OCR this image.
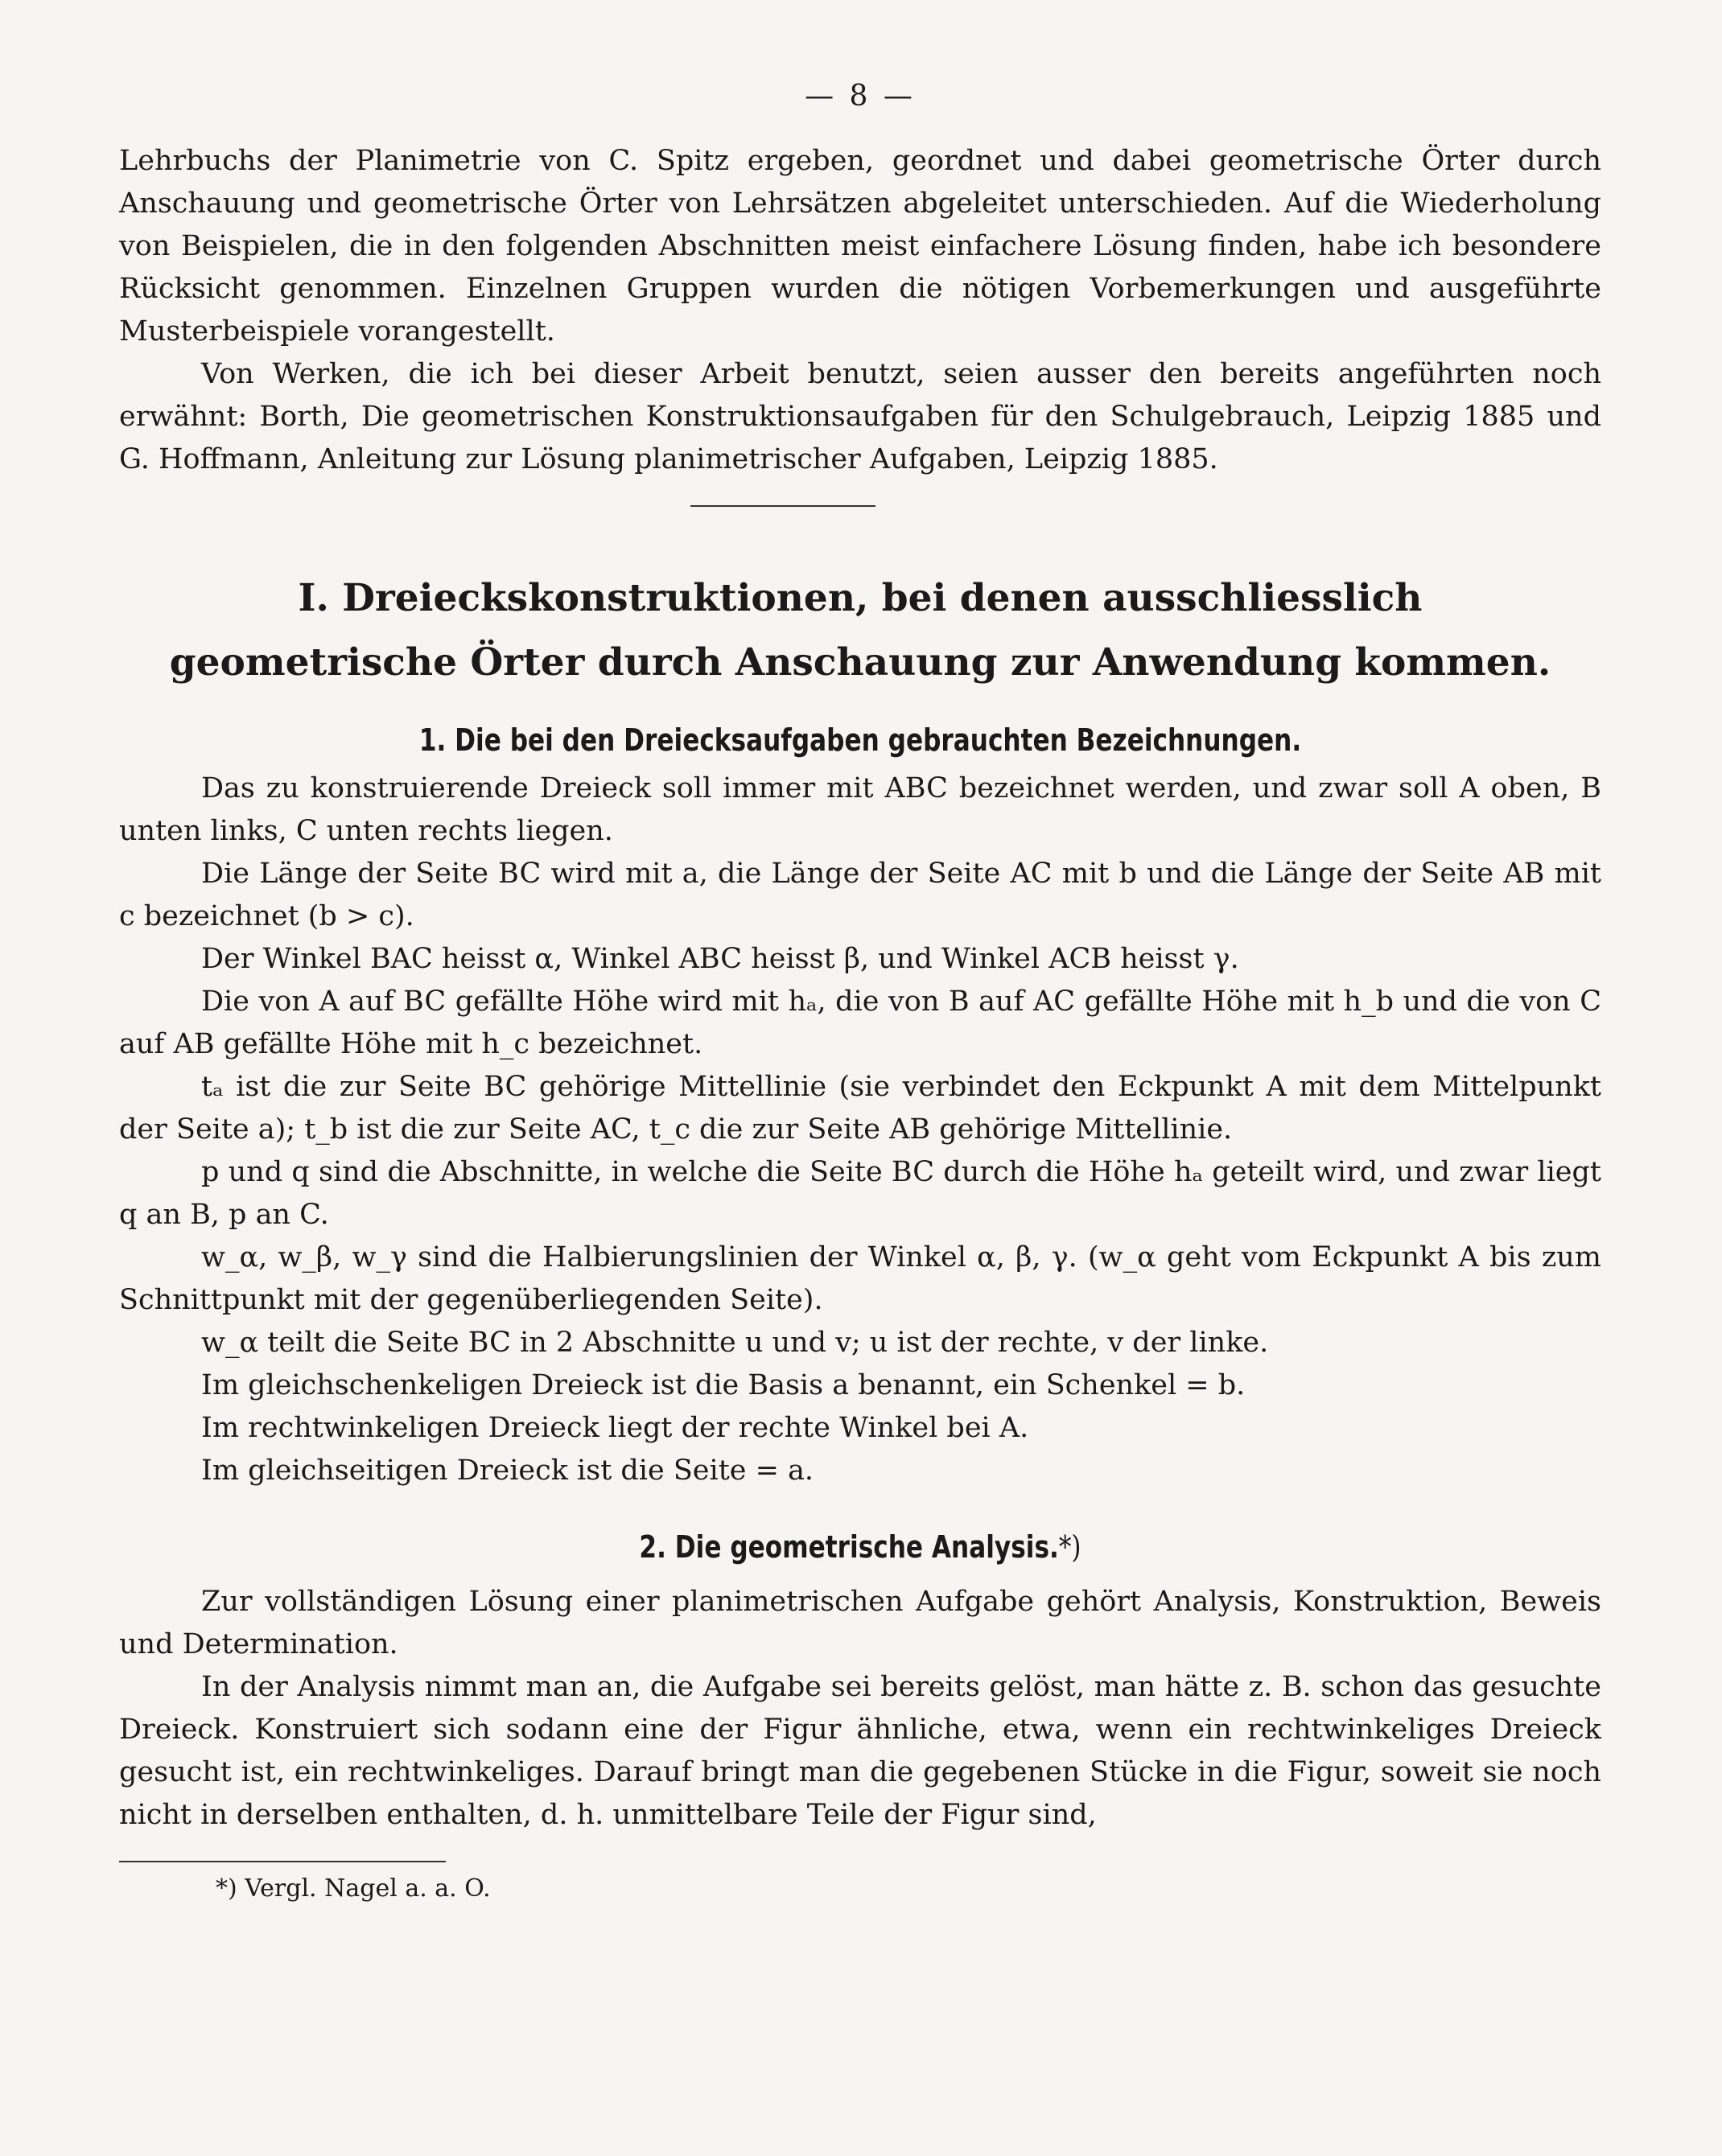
— 8 —

Lehrbuchs der Planimetrie von C. Spitz ergeben, geordnet und dabei geometrische Örter durch Anschauung und geometrische Örter von Lehrsätzen abgeleitet unterschieden. Auf die Wiederholung von Beispielen, die in den folgenden Abschnitten meist einfachere Lösung finden, habe ich besondere Rücksicht genommen. Einzelnen Gruppen wurden die nötigen Vorbemerkungen und ausgeführte Musterbeispiele vorangestellt.

Von Werken, die ich bei dieser Arbeit benutzt, seien ausser den bereits angeführten noch erwähnt: Borth, Die geometrischen Konstruktionsaufgaben für den Schulgebrauch, Leipzig 1885 und G. Hoffmann, Anleitung zur Lösung planimetrischer Aufgaben, Leipzig 1885.

I. Dreieckskonstruktionen, bei denen ausschliesslich
geometrische Örter durch Anschauung zur Anwendung kommen.
1. Die bei den Dreiecksaufgaben gebrauchten Bezeichnungen.

Das zu konstruierende Dreieck soll immer mit ABC bezeichnet werden, und zwar soll A oben, B unten links, C unten rechts liegen.

Die Länge der Seite BC wird mit a, die Länge der Seite AC mit b und die Länge der Seite AB mit c bezeichnet (b > c).

Der Winkel BAC heisst α, Winkel ABC heisst β, und Winkel ACB heisst γ.

Die von A auf BC gefällte Höhe wird mit hₐ, die von B auf AC gefällte Höhe mit h_b und die von C auf AB gefällte Höhe mit h_c bezeichnet.

tₐ ist die zur Seite BC gehörige Mittellinie (sie verbindet den Eckpunkt A mit dem Mittelpunkt der Seite a); t_b ist die zur Seite AC, t_c die zur Seite AB gehörige Mittellinie.

p und q sind die Abschnitte, in welche die Seite BC durch die Höhe hₐ geteilt wird, und zwar liegt q an B, p an C.

w_α, w_β, w_γ sind die Halbierungslinien der Winkel α, β, γ. (w_α geht vom Eckpunkt A bis zum Schnittpunkt mit der gegenüberliegenden Seite).

w_α teilt die Seite BC in 2 Abschnitte u und v; u ist der rechte, v der linke.

Im gleichschenkeligen Dreieck ist die Basis a benannt, ein Schenkel = b.

Im rechtwinkeligen Dreieck liegt der rechte Winkel bei A.

Im gleichseitigen Dreieck ist die Seite = a.

2. Die geometrische Analysis.*)

Zur vollständigen Lösung einer planimetrischen Aufgabe gehört Analysis, Konstruktion, Beweis und Determination.

In der Analysis nimmt man an, die Aufgabe sei bereits gelöst, man hätte z. B. schon das gesuchte Dreieck. Konstruiert sich sodann eine der Figur ähnliche, etwa, wenn ein rechtwinkeliges Dreieck gesucht ist, ein rechtwinkeliges. Darauf bringt man die gegebenen Stücke in die Figur, soweit sie noch nicht in derselben enthalten, d. h. unmittelbare Teile der Figur sind,

*) Vergl. Nagel a. a. O.
